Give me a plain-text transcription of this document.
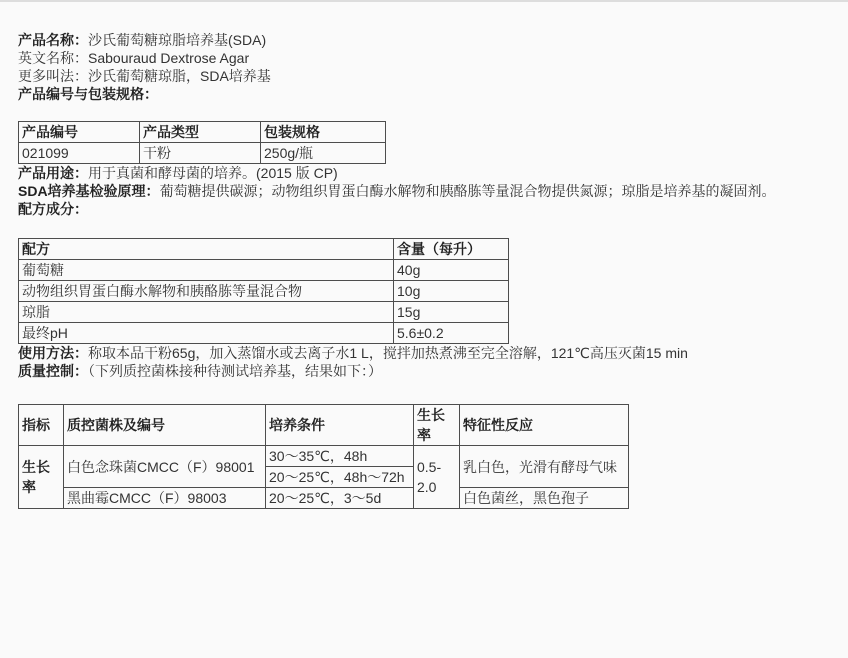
产品名称：沙氏葡萄糖琼脂培养基(SDA)

英文名称：Sabouraud Dextrose Agar

更多叫法：沙氏葡萄糖琼脂，SDA培养基

产品编号与包装规格：

产品编号	产品类型	包装规格
021099	干粉	250g/瓶

产品用途：用于真菌和酵母菌的培养。(2015 版 CP)

SDA培养基检验原理：葡萄糖提供碳源；动物组织胃蛋白酶水解物和胰酪胨等量混合物提供氮源；琼脂是培养基的凝固剂。

配方成分：

配方	含量（每升）
葡萄糖	40g
动物组织胃蛋白酶水解物和胰酪胨等量混合物	10g
琼脂	15g
最终pH	5.6±0.2

使用方法：称取本品干粉65g，加入蒸馏水或去离子水1 L，搅拌加热煮沸至完全溶解，121℃高压灭菌15 min

质量控制：（下列质控菌株接种待测试培养基，结果如下：）

指标	质控菌株及编号	培养条件	生长率	特征性反应
生长率	白色念珠菌CMCC（F）98001	30～35℃，48h	0.5-2.0	乳白色，光滑有酵母气味
		20～25℃，48h～72h		
	黑曲霉CMCC（F）98003	20～25℃，3～5d		白色菌丝，黑色孢子
